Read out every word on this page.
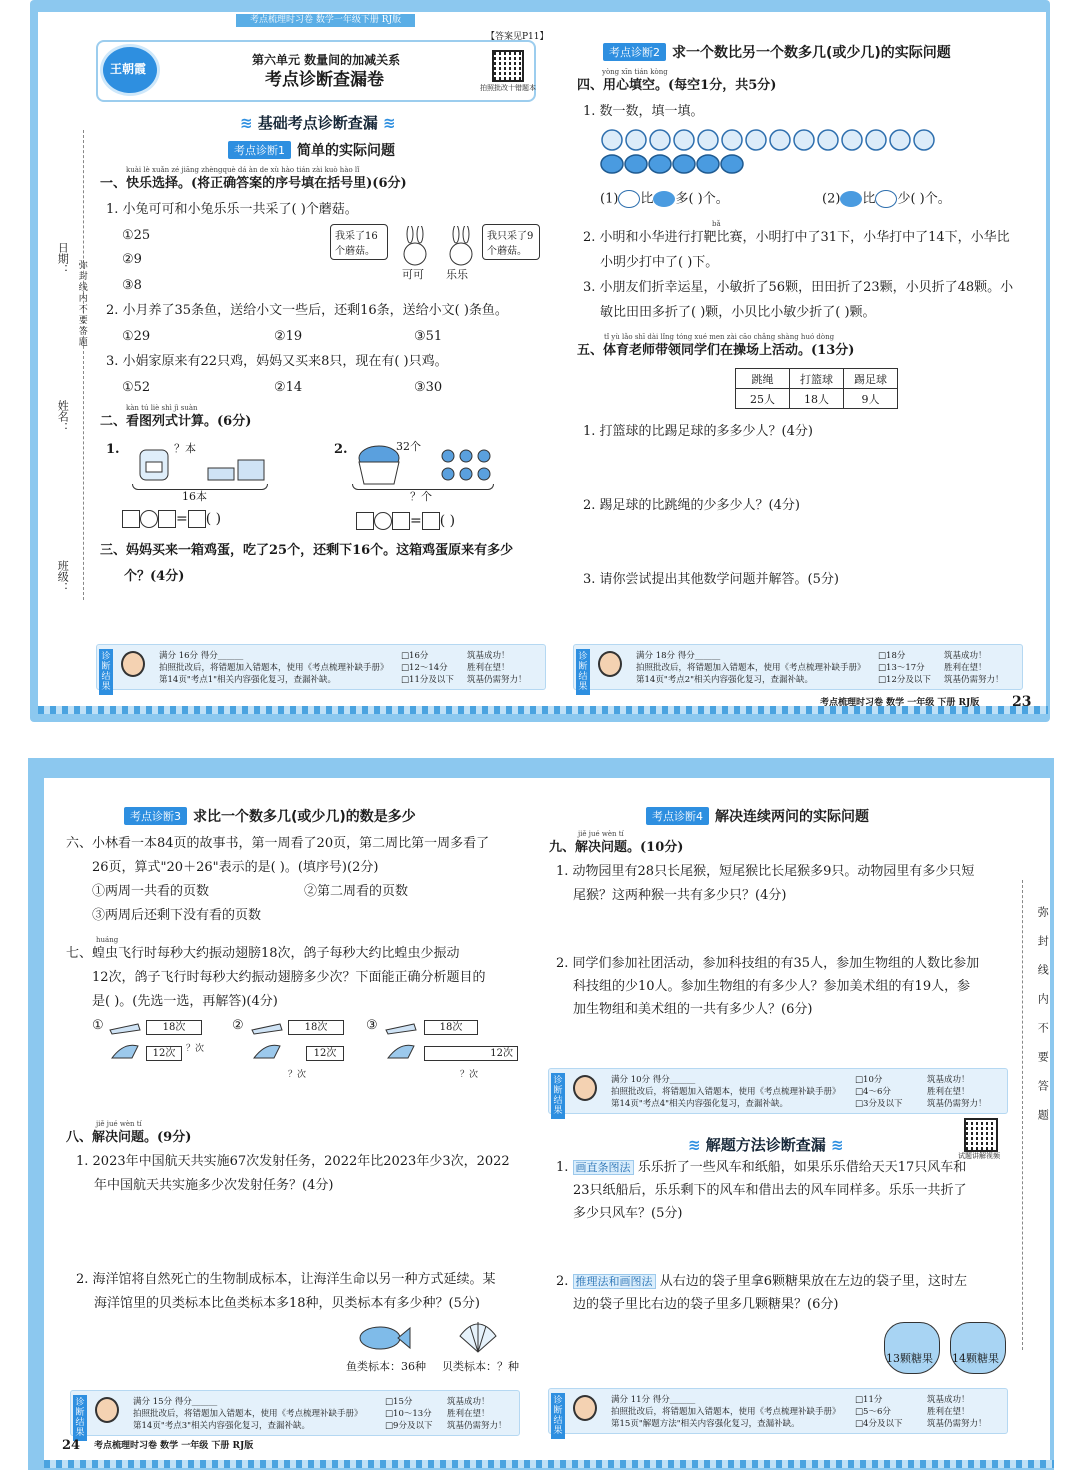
考点梳理时习卷 数学一年级下册 RJ版
日期：
姓名：
班级：
弥封线内不要答题
王朝霞
第六单元 数量间的加减关系
考点诊断查漏卷
【答案见P11】
拍照批改十错题本
≋ 基础考点诊断查漏 ≋
考点诊断1 简单的实际问题
kuài lè xuǎn zé jiāng zhèngquè dá àn de xù hào tián zài kuò hào lǐ
一、快乐选择。(将正确答案的序号填在括号里)(6分)
1. 小兔可可和小兔乐乐一共采了( )个蘑菇。
①25
②9
③8
我采了16个蘑菇。
我只采了9个蘑菇。
可可 乐乐
2. 小月养了35条鱼，送给小文一些后，还剩16条，送给小文( )条鱼。
①29	②19	③51
3. 小娟家原来有22只鸡，妈妈又买来8只，现在有( )只鸡。
①52	②14	③30
kàn tú liè shì jì suàn
二、看图列式计算。(6分)
1.	？本
16本
= ( )
2.	32个
？个
= ( )
三、妈妈买来一箱鸡蛋，吃了25个，还剩下16个。这箱鸡蛋原来有多少
个？(4分)
诊断结果
满分 16分 得分______
拍照批改后，将错题加入错题本，使用《考点梳理补缺手册》
第14页"考点1"相关内容强化复习，查漏补缺。
□16分
□12～14分
□11分及以下
筑基成功！
胜利在望！
筑基仍需努力！
考点诊断2 求一个数比另一个数多几(或少几)的实际问题
yòng xīn tián kòng
四、用心填空。(每空1分，共5分)
1. 数一数，填一填。
(1) 比 多( )个。	(2) 比 少( )个。
bǎ
2. 小明和小华进行打靶比赛，小明打中了31下，小华打中了14下，小华比
小明少打中了( )下。
3. 小朋友们折幸运星，小敏折了56颗，田田折了23颗，小贝折了48颗。小
敏比田田多折了( )颗，小贝比小敏少折了( )颗。
tǐ yù lǎo shī dài lǐng tóng xué men zài cāo chǎng shàng huó dòng
五、体育老师带领同学们在操场上活动。(13分)
跳绳	打篮球	踢足球
25人	18人	9人
1. 打篮球的比踢足球的多多少人？(4分)
2. 踢足球的比跳绳的少多少人？(4分)
3. 请你尝试提出其他数学问题并解答。(5分)
诊断结果
满分 18分 得分______
拍照批改后，将错题加入错题本，使用《考点梳理补缺手册》
第14页"考点2"相关内容强化复习，查漏补缺。
□18分
□13～17分
□12分及以下
筑基成功！
胜利在望！
筑基仍需努力！
考点梳理时习卷 数学 一年级 下册 RJ版 23
考点诊断3 求比一个数多几(或少几)的数是多少
六、小林看一本84页的故事书，第一周看了20页，第二周比第一周多看了
26页，算式"20＋26"表示的是( )。(填序号)(2分)
①两周一共看的页数	②第二周看的页数
③两周后还剩下没有看的页数
huáng
七、蝗虫飞行时每秒大约振动翅膀18次，鸽子每秒大约比蝗虫少振动
12次，鸽子飞行时每秒大约振动翅膀多少次？下面能正确分析题目的
是( )。(先选一选，再解答)(4分)
①	18次
12次	？次
②	18次
12次
？次
③	18次
12次
？次
jiě jué wèn tí
八、解决问题。(9分)
1. 2023年中国航天共实施67次发射任务，2022年比2023年少3次，2022
年中国航天共实施多少次发射任务？(4分)
2. 海洋馆将自然死亡的生物制成标本，让海洋生命以另一种方式延续。某
海洋馆里的贝类标本比鱼类标本多18种，贝类标本有多少种？(5分)
鱼类标本：36种 贝类标本：？种
诊断结果
满分 15分 得分______
拍照批改后，将错题加入错题本，使用《考点梳理补缺手册》
第14页"考点3"相关内容强化复习，查漏补缺。
□15分
□10～13分
□9分及以下
筑基成功！
胜利在望！
筑基仍需努力！
24 考点梳理时习卷 数学 一年级 下册 RJ版
考点诊断4 解决连续两问的实际问题
jiě jué wèn tí
九、解决问题。(10分)
1. 动物园里有28只长尾猴，短尾猴比长尾猴多9只。动物园里有多少只短
尾猴？这两种猴一共有多少只？(4分)
2. 同学们参加社团活动，参加科技组的有35人，参加生物组的人数比参加
科技组的少10人。参加生物组的有多少人？参加美术组的有19人，参
加生物组和美术组的一共有多少人？(6分)
诊断结果
满分 10分 得分______
拍照批改后，将错题加入错题本，使用《考点梳理补缺手册》
第14页"考点4"相关内容强化复习，查漏补缺。
□10分
□4～6分
□3分及以下
筑基成功！
胜利在望！
筑基仍需努力！
≋ 解题方法诊断查漏 ≋
试题讲解视频
1. 画直条图法 乐乐折了一些风车和纸船，如果乐乐借给天天17只风车和
23只纸船后，乐乐剩下的风车和借出去的风车同样多。乐乐一共折了
多少只风车？(5分)
2. 推理法和画图法 从右边的袋子里拿6颗糖果放在左边的袋子里，这时左
边的袋子里比右边的袋子里多几颗糖果？(6分)
13颗糖果 14颗糖果
诊断结果
满分 11分 得分______
拍照批改后，将错题加入错题本，使用《考点梳理补缺手册》
第15页"解题方法"相关内容强化复习，查漏补缺。
□11分
□5～6分
□4分及以下
筑基成功！
胜利在望！
筑基仍需努力！
弥封线内不要答题
